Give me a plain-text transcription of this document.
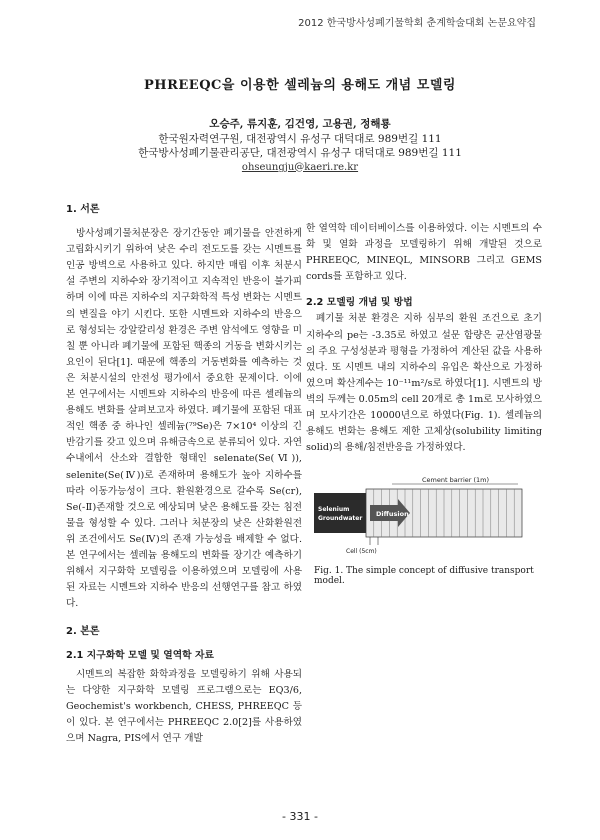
2012 한국방사성폐기물학회 춘계학술대회 논문요약집
PHREEQC을 이용한 셀레늄의 용해도 개념 모델링
오승주, 류지훈, 김건영, 고용권, 정해룡
한국원자력연구원, 대전광역시 유성구 대덕대로 989번길 111
한국방사성폐기물관리공단, 대전광역시 유성구 대덕대로 989번길 111
ohseungju@kaeri.re.kr

1. 서론

방사성폐기물처분장은 장기간동안 폐기물을 안전하게 고립화시키기 위하여 낮은 수리 전도도를 갖는 시멘트를 인공 방벽으로 사용하고 있다. 하지만 매립 이후 처분시설 주변의 지하수와 장기적이고 지속적인 반응이 불가피하며 이에 따른 지하수의 지구화학적 특성 변화는 시멘트의 변질을 야기 시킨다. 또한 시멘트와 지하수의 반응으로 형성되는 강알칼리성 환경은 주변 암석에도 영향을 미칠 뿐 아니라 폐기물에 포함된 핵종의 거동을 변화시키는 요인이 된다[1]. 때문에 핵종의 거동변화를 예측하는 것은 처분시설의 안전성 평가에서 중요한 문제이다. 이에 본 연구에서는 시멘트와 지하수의 반응에 따른 셀레늄의 용해도 변화를 살펴보고자 하였다. 폐기물에 포함된 대표적인 핵종 중 하나인 셀레늄(⁷⁹Se)은 7×10⁴ 이상의 긴 반감기를 갖고 있으며 유해금속으로 분류되어 있다. 자연수내에서 산소와 결합한 형태인 selenate(Se(Ⅵ)), selenite(Se(Ⅳ))로 존재하며 용해도가 높아 지하수를 따라 이동가능성이 크다. 환원환경으로 갈수록 Se(cr), Se(-Ⅱ)존재할 것으로 예상되며 낮은 용해도를 갖는 침전물을 형성할 수 있다. 그러나 처분장의 낮은 산화환원전위 조건에서도 Se(Ⅳ)의 존재 가능성을 배제할 수 없다. 본 연구에서는 셀레늄 용해도의 변화를 장기간 예측하기 위해서 지구화학 모델링을 이용하였으며 모델링에 사용된 자료는 시멘트와 지하수 반응의 선행연구를 참고 하였다.

2. 본론

2.1 지구화학 모델 및 열역학 자료

시멘트의 복잡한 화학과정을 모델링하기 위해 사용되는 다양한 지구화학 모델링 프로그램으로는 EQ3/6, Geochemist's workbench, CHESS, PHREEQC 등이 있다. 본 연구에서는 PHREEQC 2.0[2]를 사용하였으며 Nagra, PIS에서 연구 개발

한 열역학 데이터베이스를 이용하였다. 이는 시멘트의 수화 및 열화 과정을 모델링하기 위해 개발된 것으로 PHREEQC, MINEQL, MINSORB 그리고 GEMS cords를 포함하고 있다.

2.2 모델링 개념 및 방법

폐기물 처분 환경은 지하 심부의 환원 조건으로 초기 지하수의 pe는 -3.35로 하였고 설문 함량은 균산염광물의 주요 구성성분과 평형을 가정하여 계산된 값을 사용하였다. 또 시멘트 내의 지하수의 유입은 확산으로 가정하였으며 확산계수는 10⁻¹¹m²/s로 하였다[1]. 시멘트의 방벽의 두께는 0.05m의 cell 20개로 총 1m로 모사하였으며 모사기간은 10000년으로 하였다(Fig. 1). 셀레늄의 용해도 변화는 용해도 제한 고체상(solubility limiting solid)의 용해/침전반응을 가정하였다.

Cement barrier (1m)
Selenium
Groundwater
Diffusion
Cell (5cm)
Fig. 1. The simple concept of diffusive transport model.
- 331 -
